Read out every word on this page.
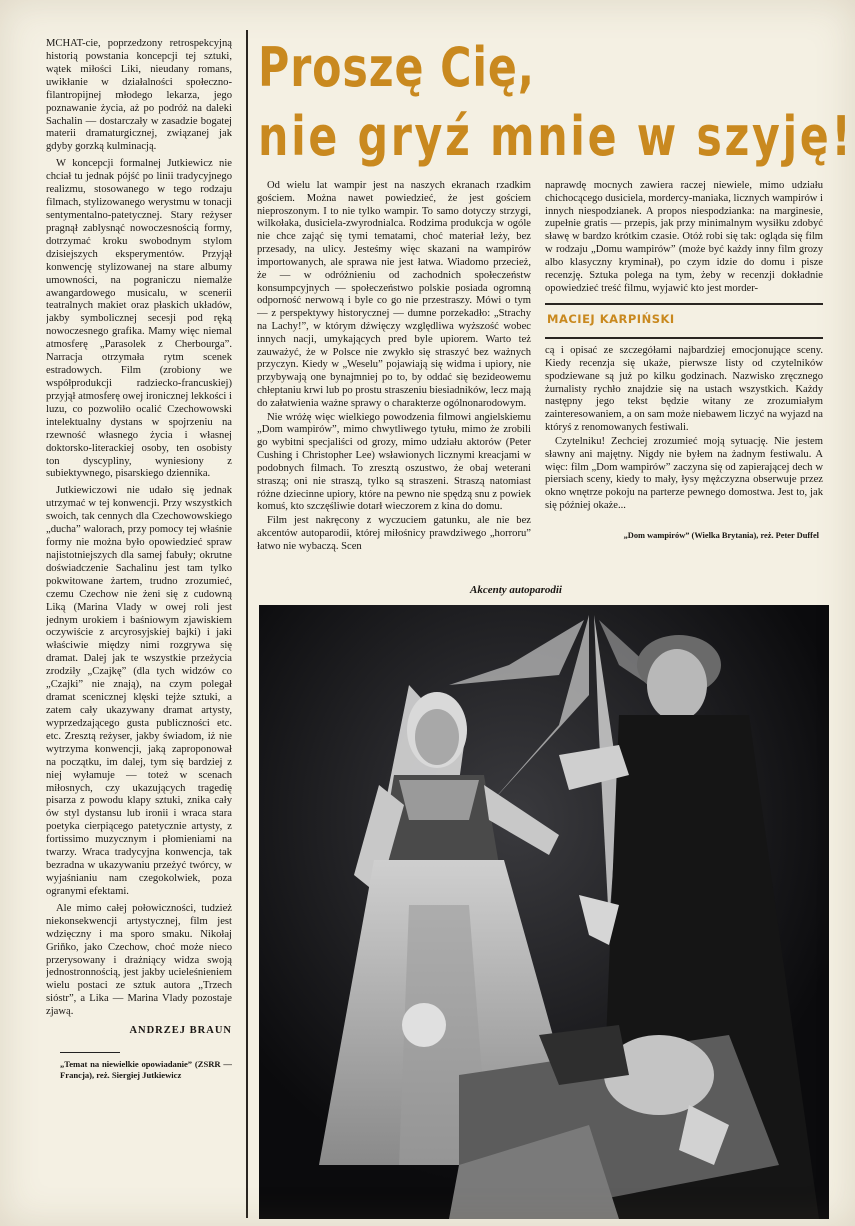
MCHAT-cie, poprzedzony retrospekcyjną historią powstania koncepcji tej sztuki, wątek miłości Liki, nieudany romans, uwikłanie w działalności społeczno-filantropijnej młodego lekarza, jego poznawanie życia, aż po podróż na daleki Sachalin — dostarczały w zasadzie bogatej materii dramaturgicznej, związanej jak gdyby gorzką kulminacją.

W koncepcji formalnej Jutkiewicz nie chciał tu jednak pójść po linii tradycyjnego realizmu, stosowanego w tego rodzaju filmach, stylizowanego werystmu w tonacji sentymentalno-patetycznej. Stary reżyser pragnął zablysnąć nowoczesnością formy, dotrzymać kroku swobodnym stylom dzisiejszych eksperymentów. Przyjął konwencję stylizowanej na stare albumy umowności, na pograniczu niemalże awangardowego musicalu, w scenerii teatralnych makiet oraz płaskich układów, jakby symbolicznej secesji pod ręką nowoczesnego grafika. Mamy więc niemal atmosferę „Parasolek z Cherbourga”. Narracja otrzymała rytm scenek estradowych. Film (zrobiony we współprodukcji radziecko-francuskiej) przyjął atmosferę owej ironicznej lekkości i luzu, co pozwoliło ocalić Czechowowski intelektualny dystans w spojrzeniu na rzewność własnego życia i własnej doktorsko-literackiej osoby, ten osobisty ton dyscypliny, wyniesiony z subiektywnego, pisarskiego dziennika.

Jutkiewiczowi nie udało się jednak utrzymać w tej konwencji. Przy wszystkich swoich, tak cennych dla Czechowowskiego „ducha” walorach, przy pomocy tej właśnie formy nie można było opowiedzieć spraw najistotniejszych dla samej fabuły; okrutne doświadczenie Sachalinu jest tam tylko pokwitowane żartem, trudno zrozumieć, czemu Czechow nie żeni się z cudowną Liką (Marina Vlady w owej roli jest jednym urokiem i baśniowym zjawiskiem oczywiście z arcyrosyjskiej bajki) i jaki właściwie między nimi rozgrywa się dramat. Dalej jak te wszystkie przeżycia zrodziły „Czajkę” (dla tych widzów co „Czajki” nie znają), na czym polegał dramat scenicznej klęski tejże sztuki, a zatem cały ukazywany dramat artysty, wyprzedzającego gusta publiczności etc. etc. Zresztą reżyser, jakby świadom, iż nie wytrzyma konwencji, jaką zaproponował na początku, im dalej, tym się bardziej z niej wyłamuje — toteż w scenach miłosnych, czy ukazujących tragedię pisarza z powodu klapy sztuki, znika cały ów styl dystansu lub ironii i wraca stara poetyka cierpiącego patetycznie artysty, z fortissimo muzycznym i płomieniami na twarzy. Wraca tradycyjna konwencja, tak bezradna w ukazywaniu przeżyć twórcy, w wyjaśnianiu nam czegokolwiek, poza ogranymi efektami.

Ale mimo całej połowiczności, tudzież niekonsekwencji artystycznej, film jest wdzięczny i ma sporo smaku. Nikołaj Griňko, jako Czechow, choć może nieco przerysowany i drażniący widza swoją jednostronnością, jest jakby ucieleśnieniem wielu postaci ze sztuk autora „Trzech sióstr”, a Lika — Marina Vlady pozostaje zjawą.

ANDRZEJ BRAUN
„Temat na niewielkie opowiadanie” (ZSRR — Francja), reż. Siergiej Jutkiewicz
Proszę Cię,
nie gryź mnie w szyję!

Od wielu lat wampir jest na naszych ekranach rzadkim gościem. Można nawet powiedzieć, że jest gościem nieproszonym. I to nie tylko wampir. To samo dotyczy strzygi, wilkołaka, dusiciela-zwyrodnialca. Rodzima produkcja w ogóle nie chce zająć się tymi tematami, choć materiał leży, bez przesady, na ulicy. Jesteśmy więc skazani na wampirów importowanych, ale sprawa nie jest łatwa. Wiadomo przecież, że — w odróżnieniu od zachodnich społeczeństw konsumpcyjnych — społeczeństwo polskie posiada ogromną odporność nerwową i byle co go nie przestraszy. Mówi o tym — z perspektywy historycznej — dumne porzekadło: „Strachy na Lachy!”, w którym dźwięczy względliwa wyższość wobec innych nacji, umykających pred byle upiorem. Warto też zauważyć, że w Polsce nie zwykło się straszyć bez ważnych przyczyn. Kiedy w „Weselu” pojawiają się widma i upiory, nie przybywają one bynajmniej po to, by oddać się bezideowemu chłeptaniu krwi lub po prostu straszeniu biesiadników, lecz mają do załatwienia ważne sprawy o charakterze ogólnonarodowym.

Nie wróżę więc wielkiego powodzenia filmowi angielskiemu „Dom wampirów”, mimo chwytliwego tytułu, mimo że zrobili go wybitni specjaliści od grozy, mimo udziału aktorów (Peter Cushing i Christopher Lee) wsławionych licznymi kreacjami w podobnych filmach. To zresztą oszustwo, że obaj weterani straszą; oni nie straszą, tylko są straszeni. Straszą natomiast różne dziecinne upiory, które na pewno nie spędzą snu z powiek komuś, kto szczęśliwie dotarł wieczorem z kina do domu.

Film jest nakręcony z wyczuciem gatunku, ale nie bez akcentów autoparodii, której miłośnicy prawdziwego „horroru” łatwo nie wybaczą. Scen

naprawdę mocnych zawiera raczej niewiele, mimo udziału chichocącego dusiciela, mordercy-maniaka, licznych wampirów i innych niespodzianek. A propos niespodzianka: na marginesie, zupełnie gratis — przepis, jak przy minimalnym wysiłku zdobyć sławę w bardzo krótkim czasie. Otóż robi się tak: ogląda się film w rodzaju „Domu wampirów” (może być każdy inny film grozy albo klasyczny kryminał), po czym idzie do domu i pisze recenzję. Sztuka polega na tym, żeby w recenzji dokładnie opowiedzieć treść filmu, wyjawić kto jest morder-

MACIEJ KARPIŃSKI

cą i opisać ze szczegółami najbardziej emocjonujące sceny. Kiedy recenzja się ukaże, pierwsze listy od czytelników spodziewane są już po kilku godzinach. Nazwisko zręcznego żurnalisty rychło znajdzie się na ustach wszystkich. Każdy następny jego tekst będzie witany ze zrozumiałym zainteresowaniem, a on sam może niebawem liczyć na wyjazd na któryś z renomowanych festiwali.

Czytelniku! Zechciej zrozumieć moją sytuację. Nie jestem sławny ani majętny. Nigdy nie byłem na żadnym festiwalu. A więc: film „Dom wampirów” zaczyna się od zapierającej dech w piersiach sceny, kiedy to mały, łysy mężczyzna obserwuje przez okno wnętrze pokoju na parterze pewnego domostwa. Jest to, jak się później okaże...

„Dom wampirów” (Wielka Brytania), reż. Peter Duffel
Akcenty autoparodii
